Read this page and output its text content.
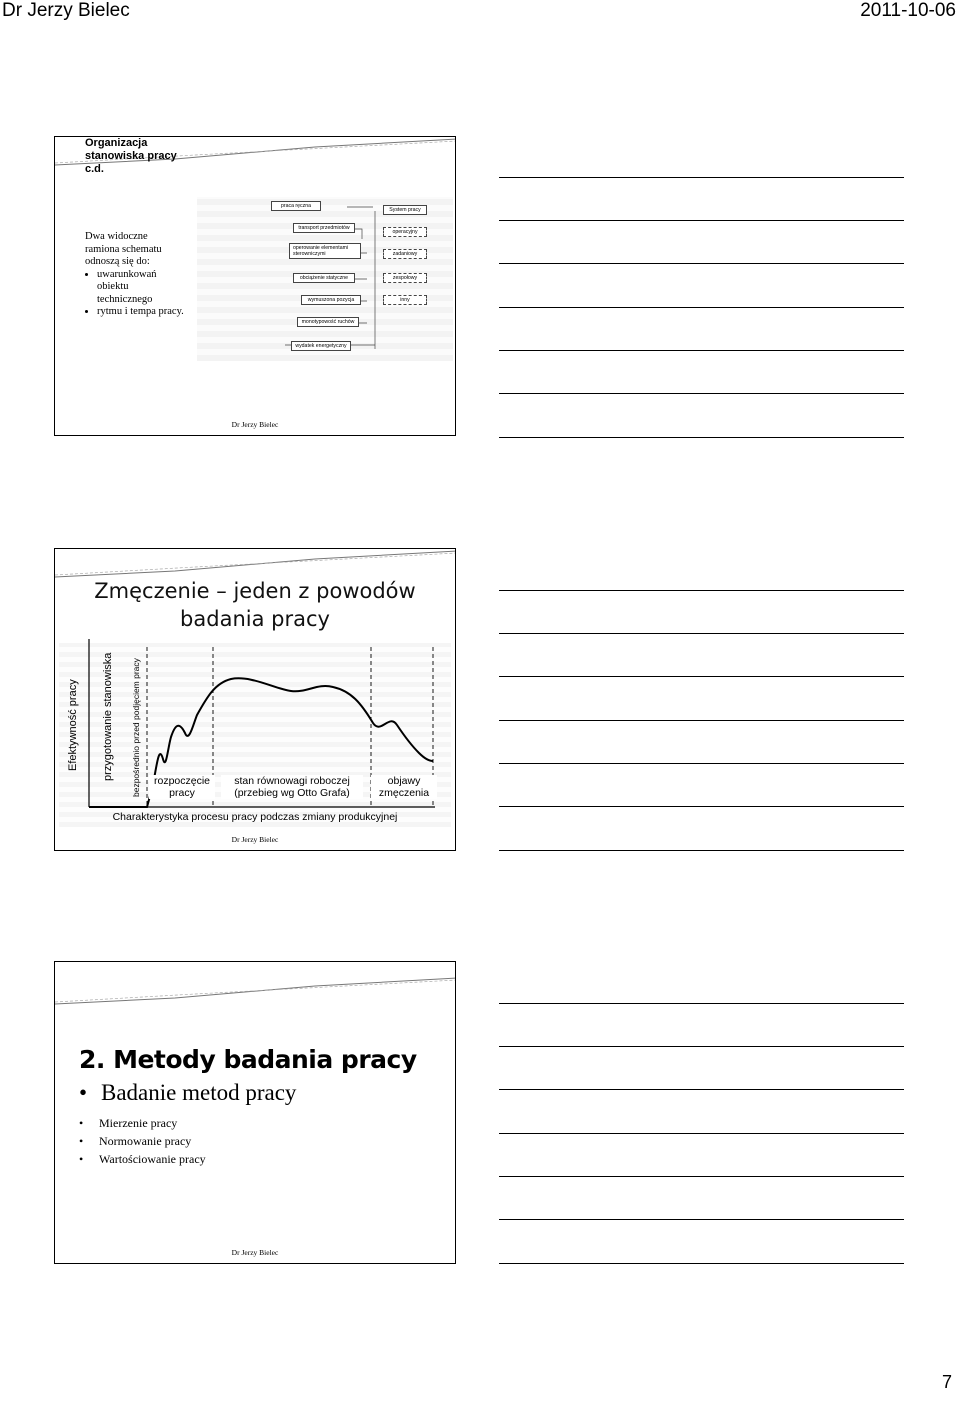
Dr Jerzy Bielec	2011-10-06
Organizacja
stanowiska pracy
c.d.
Dwa widoczne
ramiona schematu
odnoszą się do:
• uwarunkowań obiektu technicznego
• rytmu i tempa pracy.
praca ręczna
transport przedmiotów
operowanie elementami sterowniczymi
obciążenie statyczne
wymuszona pozycja
monotypowość ruchów
wydatek energetyczny
System pracy
operacyjny
zadaniowy
zespołowy
inny
Dr Jerzy Bielec
Zmęczenie – jeden z powodów
badania pracy
Efektywność pracy przygotowanie stanowiska bezpośrednio przed podjęciem pracy	rozpoczęcie
pracy
stan równowagi roboczej
(przebieg wg Otto Grafa)
objawy
zmęczenia
Charakterystyka procesu pracy podczas zmiany produkcyjnej
Dr Jerzy Bielec
2. Metody badania pracy
• Badanie metod pracy
• Mierzenie pracy
• Normowanie pracy
• Wartościowanie pracy
Dr Jerzy Bielec
7
